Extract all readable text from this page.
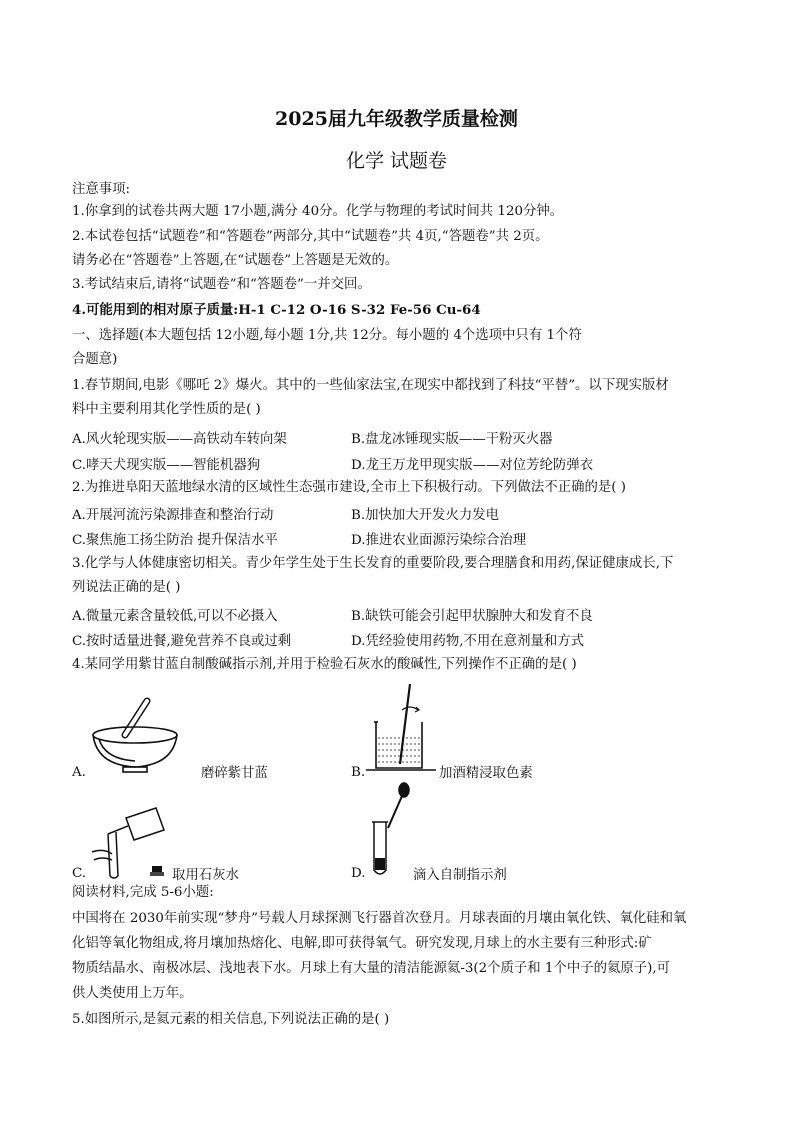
2025届九年级教学质量检测
化学 试题卷
注意事项:
1.你拿到的试卷共两大题 17小题,满分 40分。化学与物理的考试时间共 120分钟。
2.本试卷包括“试题卷”和“答题卷”两部分,其中“试题卷”共 4页,“答题卷”共 2页。
请务必在“答题卷”上答题,在“试题卷”上答题是无效的。
3.考试结束后,请将“试题卷”和“答题卷”一并交回。
4.可能用到的相对原子质量:H-1 C-12 O-16 S-32 Fe-56 Cu-64
一、选择题(本大题包括 12小题,每小题 1分,共 12分。每小题的 4个选项中只有 1个符
合题意)
1.春节期间,电影《哪吒 2》爆火。其中的一些仙家法宝,在现实中都找到了科技“平替”。以下现实版材
料中主要利用其化学性质的是( )
A.风火轮现实版——高铁动车转向架	B.盘龙冰锤现实版——干粉灭火器
C.哮天犬现实版——智能机器狗	D.龙王万龙甲现实版——对位芳纶防弹衣
2.为推进阜阳天蓝地绿水清的区域性生态强市建设,全市上下积极行动。下列做法不正确的是( )
A.开展河流污染源排查和整治行动	B.加快加大开发火力发电
C.聚焦施工扬尘防治 提升保洁水平	D.推进农业面源污染综合治理
3.化学与人体健康密切相关。青少年学生处于生长发育的重要阶段,要合理膳食和用药,保证健康成长,下
列说法正确的是( )
A.微量元素含量较低,可以不必摄入	B.缺铁可能会引起甲状腺肿大和发育不良
C.按时适量进餐,避免营养不良或过剩	D.凭经验使用药物,不用在意剂量和方式
4.某同学用紫甘蓝自制酸碱指示剂,并用于检验石灰水的酸碱性,下列操作不正确的是( )
A.	磨碎紫甘蓝	B.	加酒精浸取色素
C.	取用石灰水	D.	滴入自制指示剂
阅读材料,完成 5-6小题:
中国将在 2030年前实现“梦舟”号载人月球探测飞行器首次登月。月球表面的月壤由氧化铁、氧化硅和氧
化铝等氧化物组成,将月壤加热熔化、电解,即可获得氧气。研究发现,月球上的水主要有三种形式:矿
物质结晶水、南极冰层、浅地表下水。月球上有大量的清洁能源氦-3(2个质子和 1个中子的氦原子),可
供人类使用上万年。
5.如图所示,是氦元素的相关信息,下列说法正确的是( )
